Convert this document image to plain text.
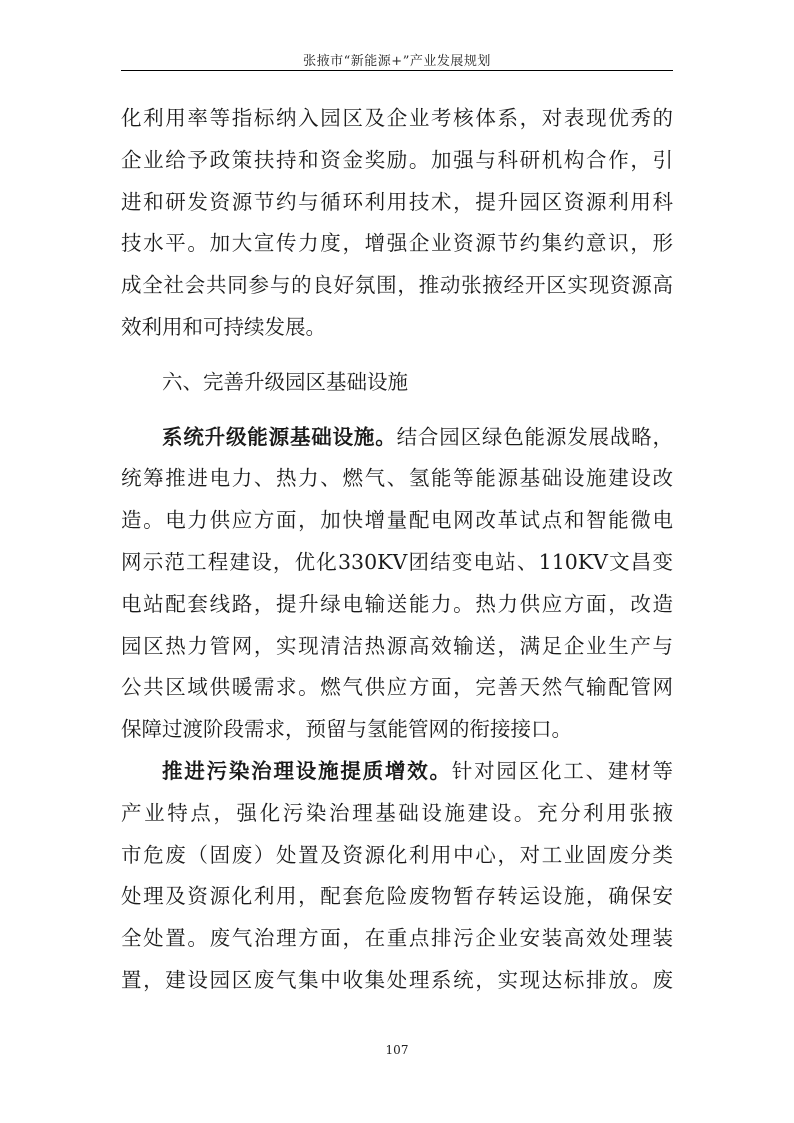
张掖市“新能源+”产业发展规划
化利用率等指标纳入园区及企业考核体系，对表现优秀的
企业给予政策扶持和资金奖励。加强与科研机构合作，引
进和研发资源节约与循环利用技术，提升园区资源利用科
技水平。加大宣传力度，增强企业资源节约集约意识，形
成全社会共同参与的良好氛围，推动张掖经开区实现资源高
效利用和可持续发展。
六、完善升级园区基础设施
系统升级能源基础设施。结合园区绿色能源发展战略，
统筹推进电力、热力、燃气、氢能等能源基础设施建设改
造。电力供应方面，加快增量配电网改革试点和智能微电
网示范工程建设，优化330KV团结变电站、110KV文昌变
电站配套线路，提升绿电输送能力。热力供应方面，改造
园区热力管网，实现清洁热源高效输送，满足企业生产与
公共区域供暖需求。燃气供应方面，完善天然气输配管网
保障过渡阶段需求，预留与氢能管网的衔接接口。
推进污染治理设施提质增效。针对园区化工、建材等
产业特点，强化污染治理基础设施建设。充分利用张掖
市危废（固废）处置及资源化利用中心，对工业固废分类
处理及资源化利用，配套危险废物暂存转运设施，确保安
全处置。废气治理方面，在重点排污企业安装高效处理装
置，建设园区废气集中收集处理系统，实现达标排放。废
107
